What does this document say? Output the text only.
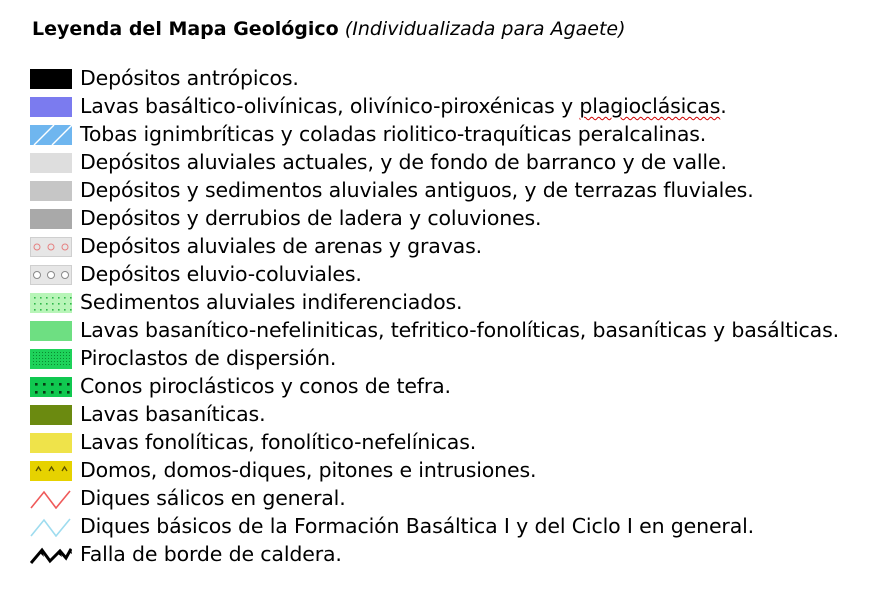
Leyenda del Mapa Geológico (Individualizada para Agaete)
Depósitos antrópicos.
Lavas basáltico-olivínicas, olivínico-piroxénicas y plagioclásicas.
Tobas ignimbríticas y coladas rioliticо-traquíticas peralcalinas.
Depósitos aluviales actuales, y de fondo de barranco y de valle.
Depósitos y sedimentos aluviales antiguos, y de terrazas fluviales.
Depósitos y derrubios de ladera y coluviones.
Depósitos aluviales de arenas y gravas.
Depósitos eluvio-coluviales.
Sedimentos aluviales indiferenciados.
Lavas basanítico-nefeliniticas, tefritico-fonolíticas, basaníticas y basálticas.
Piroclastos de dispersión.
Conos piroclásticos y conos de tefra.
Lavas basaníticas.
Lavas fonolíticas, fonolítico-nefelínicas.
Domos, domos-diques, pitones e intrusiones.
Diques sálicos en general.
Diques básicos de la Formación Basáltica I y del Ciclo I en general.
Falla de borde de caldera.
